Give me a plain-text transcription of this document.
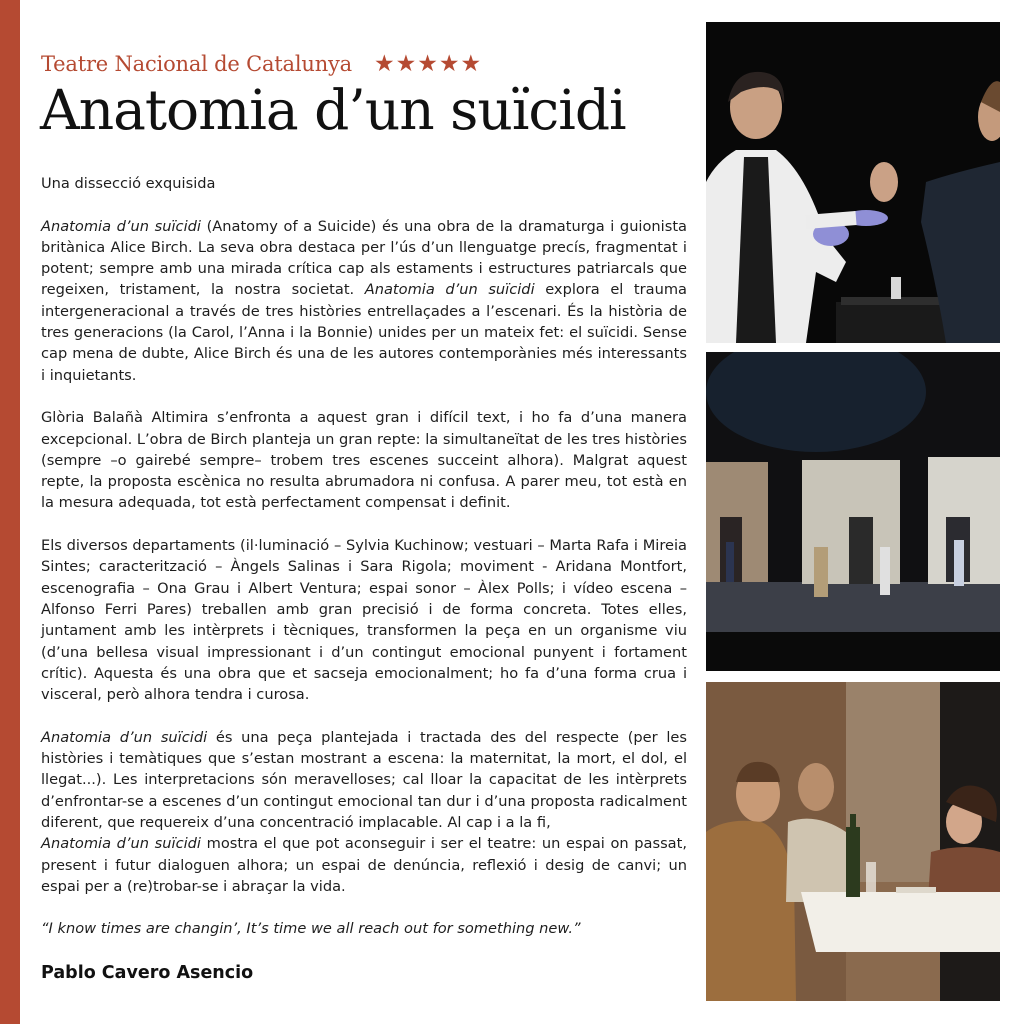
Teatre Nacional de Catalunya ★★★★★
Anatomia d’un suïcidi

Una dissecció exquisida

Anatomia d’un suïcidi (Anatomy of a Suicide) és una obra de la dramaturga i guionista britànica Alice Birch. La seva obra destaca per l’ús d’un llenguatge precís, fragmentat i potent; sempre amb una mirada crítica cap als estaments i estructures patriarcals que regeixen, tristament, la nostra societat. Anatomia d’un suïcidi explora el trauma intergeneracional a través de tres històries entrellaçades a l’escenari. És la història de tres generacions (la Carol, l’Anna i la Bonnie) unides per un mateix fet: el suïcidi. Sense cap mena de dubte, Alice Birch és una de les autores contemporànies més interessants i inquietants.

Glòria Balañà Altimira s’enfronta a aquest gran i difícil text, i ho fa d’una manera excepcional. L’obra de Birch planteja un gran repte: la simultaneïtat de les tres històries (sempre –o gairebé sempre– trobem tres escenes succeint alhora). Malgrat aquest repte, la proposta escènica no resulta abrumadora ni confusa. A parer meu, tot està en la mesura adequada, tot està perfectament compensat i definit.

Els diversos departaments (il·luminació – Sylvia Kuchinow; vestuari – Marta Rafa i Mireia Sintes; caracterització – Àngels Salinas i Sara Rigola; moviment - Aridana Montfort, escenografia – Ona Grau i Albert Ventura; espai sonor – Àlex Polls; i vídeo escena – Alfonso Ferri Pares) treballen amb gran precisió i de forma concreta. Totes elles, juntament amb les intèrprets i tècniques, transformen la peça en un organisme viu (d’una bellesa visual impressionant i d’un contingut emocional punyent i fortament crític). Aquesta és una obra que et sacseja emocionalment; ho fa d’una forma crua i visceral, però alhora tendra i curosa.

Anatomia d’un suïcidi és una peça plantejada i tractada des del respecte (per les històries i temàtiques que s’estan mostrant a escena: la maternitat, la mort, el dol, el llegat...). Les interpretacions són meravelloses; cal lloar la capacitat de les intèrprets d’enfrontar-se a escenes d’un contingut emocional tan dur i d’una proposta radicalment diferent, que requereix d’una concentració implacable. Al cap i a la fi,
Anatomia d’un suïcidi mostra el que pot aconseguir i ser el teatre: un espai on passat, present i futur dialoguen alhora; un espai de denúncia, reflexió i desig de canvi; un espai per a (re)trobar-se i abraçar la vida.

“I know times are changin’, It’s time we all reach out for something new.”

Pablo Cavero Asencio
